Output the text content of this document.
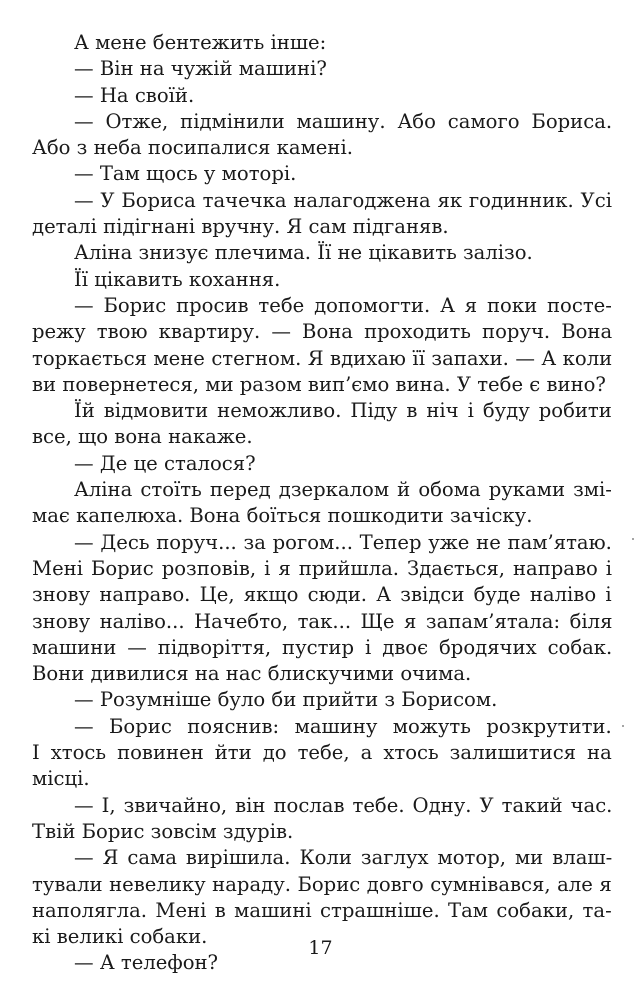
А мене бентежить інше:
— Він на чужій машині?
— На своїй.
— Отже, підмінили машину. Або самого Бориса.
Або з неба посипалися камені.
— Там щось у моторі.
— У Бориса тачечка налагоджена як годинник. Усі
деталі підігнані вручну. Я сам підганяв.
Аліна знизує плечима. Її не цікавить залізо.
Її цікавить кохання.
— Борис просив тебе допомогти. А я поки посте-
режу твою квартиру. — Вона проходить поруч. Вона
торкається мене стегном. Я вдихаю її запахи. — А коли
ви повернетеся, ми разом вип’ємо вина. У тебе є вино?
Їй відмовити неможливо. Піду в ніч і буду робити
все, що вона накаже.
— Де це сталося?
Аліна стоїть перед дзеркалом й обома руками змі-
має капелюха. Вона боїться пошкодити зачіску.
— Десь поруч... за рогом... Тепер уже не пам’ятаю.
Мені Борис розповів, і я прийшла. Здається, направо і
знову направо. Це, якщо сюди. А звідси буде наліво і
знову наліво... Начебто, так... Ще я запам’ятала: біля
машини — підворіття, пустир і двоє бродячих собак.
Вони дивилися на нас блискучими очима.
— Розумніше було би прийти з Борисом.
— Борис пояснив: машину можуть розкрутити.
І хтось повинен йти до тебе, а хтось залишитися на
місці.
— І, звичайно, він послав тебе. Одну. У такий час.
Твій Борис зовсім здурів.
— Я сама вирішила. Коли заглух мотор, ми влаш-
тували невелику нараду. Борис довго сумнівався, але я
наполягла. Мені в машині страшніше. Там собаки, та-
кі великі собаки.
— А телефон?
17
